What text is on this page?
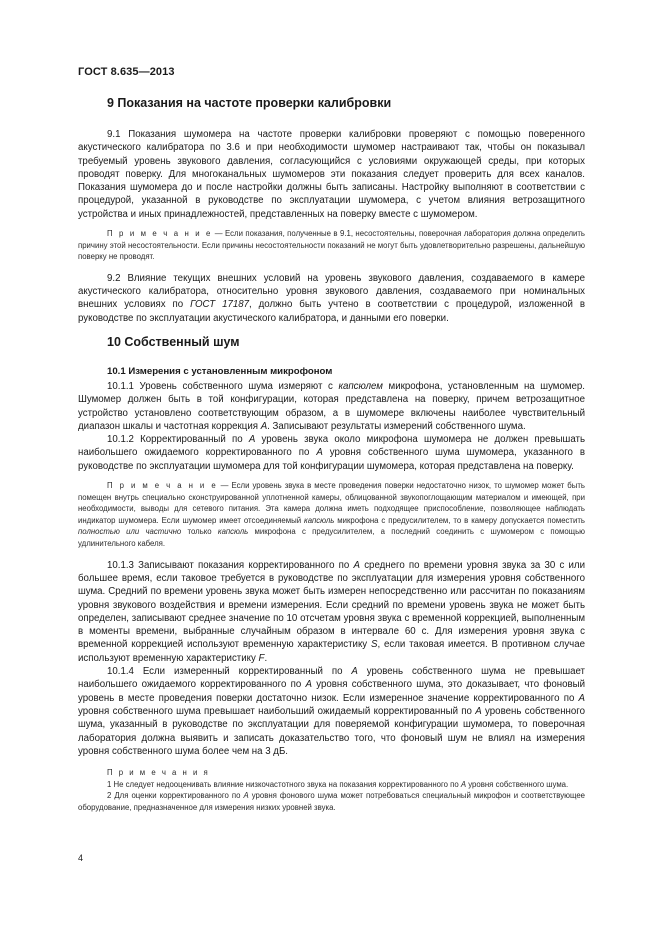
ГОСТ 8.635—2013
9 Показания на частоте проверки калибровки

9.1 Показания шумомера на частоте проверки калибровки проверяют с помощью поверенного акустического калибратора по 3.6 и при необходимости шумомер настраивают так, чтобы он показывал требуемый уровень звукового давления, согласующийся с условиями окружающей среды, при которых проводят поверку. Для многоканальных шумомеров эти показания следует проверить для всех каналов. Показания шумомера до и после настройки должны быть записаны. Настройку выполняют в соответствии с процедурой, указанной в руководстве по эксплуатации шумомера, с учетом влияния ветрозащитного устройства и иных принадлежностей, представленных на поверку вместе с шумомером.

П р и м е ч а н и е — Если показания, полученные в 9.1, несостоятельны, поверочная лаборатория должна определить причину этой несостоятельности. Если причины несостоятельности показаний не могут быть удовлетворительно разрешены, дальнейшую поверку не проводят.

9.2 Влияние текущих внешних условий на уровень звукового давления, создаваемого в камере акустического калибратора, относительно уровня звукового давления, создаваемого при номинальных внешних условиях по ГОСТ 17187, должно быть учтено в соответствии с процедурой, изложенной в руководстве по эксплуатации акустического калибратора, и данными его поверки.

10 Собственный шум
10.1 Измерения с установленным микрофоном

10.1.1 Уровень собственного шума измеряют с капсюлем микрофона, установленным на шумомер. Шумомер должен быть в той конфигурации, которая представлена на поверку, причем ветрозащитное устройство установлено соответствующим образом, а в шумомере включены наиболее чувствительный диапазон шкалы и частотная коррекция A. Записывают результаты измерений собственного шума.

10.1.2 Корректированный по A уровень звука около микрофона шумомера не должен превышать наибольшего ожидаемого корректированного по A уровня собственного шума шумомера, указанного в руководстве по эксплуатации шумомера для той конфигурации шумомера, которая представлена на поверку.

П р и м е ч а н и е — Если уровень звука в месте проведения поверки недостаточно низок, то шумомер может быть помещен внутрь специально сконструированной уплотненной камеры, облицованной звукопоглощающим материалом и имеющей, при необходимости, выводы для сетевого питания. Эта камера должна иметь подходящее приспособление, позволяющее наблюдать индикатор шумомера. Если шумомер имеет отсоединяемый капсюль микрофона с предусилителем, то в камеру допускается поместить полностью или частично только капсюль микрофона с предусилителем, а последний соединить с шумомером с помощью удлинительного кабеля.

10.1.3 Записывают показания корректированного по A среднего по времени уровня звука за 30 с или большее время, если таковое требуется в руководстве по эксплуатации для измерения уровня собственного шума. Средний по времени уровень звука может быть измерен непосредственно или рассчитан по показаниям уровня звукового воздействия и времени измерения. Если средний по времени уровень звука не может быть определен, записывают среднее значение по 10 отсчетам уровня звука с временной коррекцией, выполненным в моменты времени, выбранные случайным образом в интервале 60 с. Для измерения уровня звука с временной коррекцией используют временную характеристику S, если таковая имеется. В противном случае используют временную характеристику F.

10.1.4 Если измеренный корректированный по A уровень собственного шума не превышает наибольшего ожидаемого корректированного по A уровня собственного шума, это доказывает, что фоновый уровень в месте проведения поверки достаточно низок. Если измеренное значение корректированного по A уровня собственного шума превышает наибольший ожидаемый корректированный по A уровень собственного шума, указанный в руководстве по эксплуатации для поверяемой конфигурации шумомера, то поверочная лаборатория должна выявить и записать доказательство того, что фоновый шум не влиял на измерения уровня собственного шума более чем на 3 дБ.

П р и м е ч а н и я

1 Не следует недооценивать влияние низкочастотного звука на показания корректированного по A уровня собственного шума.

2 Для оценки корректированного по A уровня фонового шума может потребоваться специальный микрофон и соответствующее оборудование, предназначенное для измерения низких уровней звука.

4
